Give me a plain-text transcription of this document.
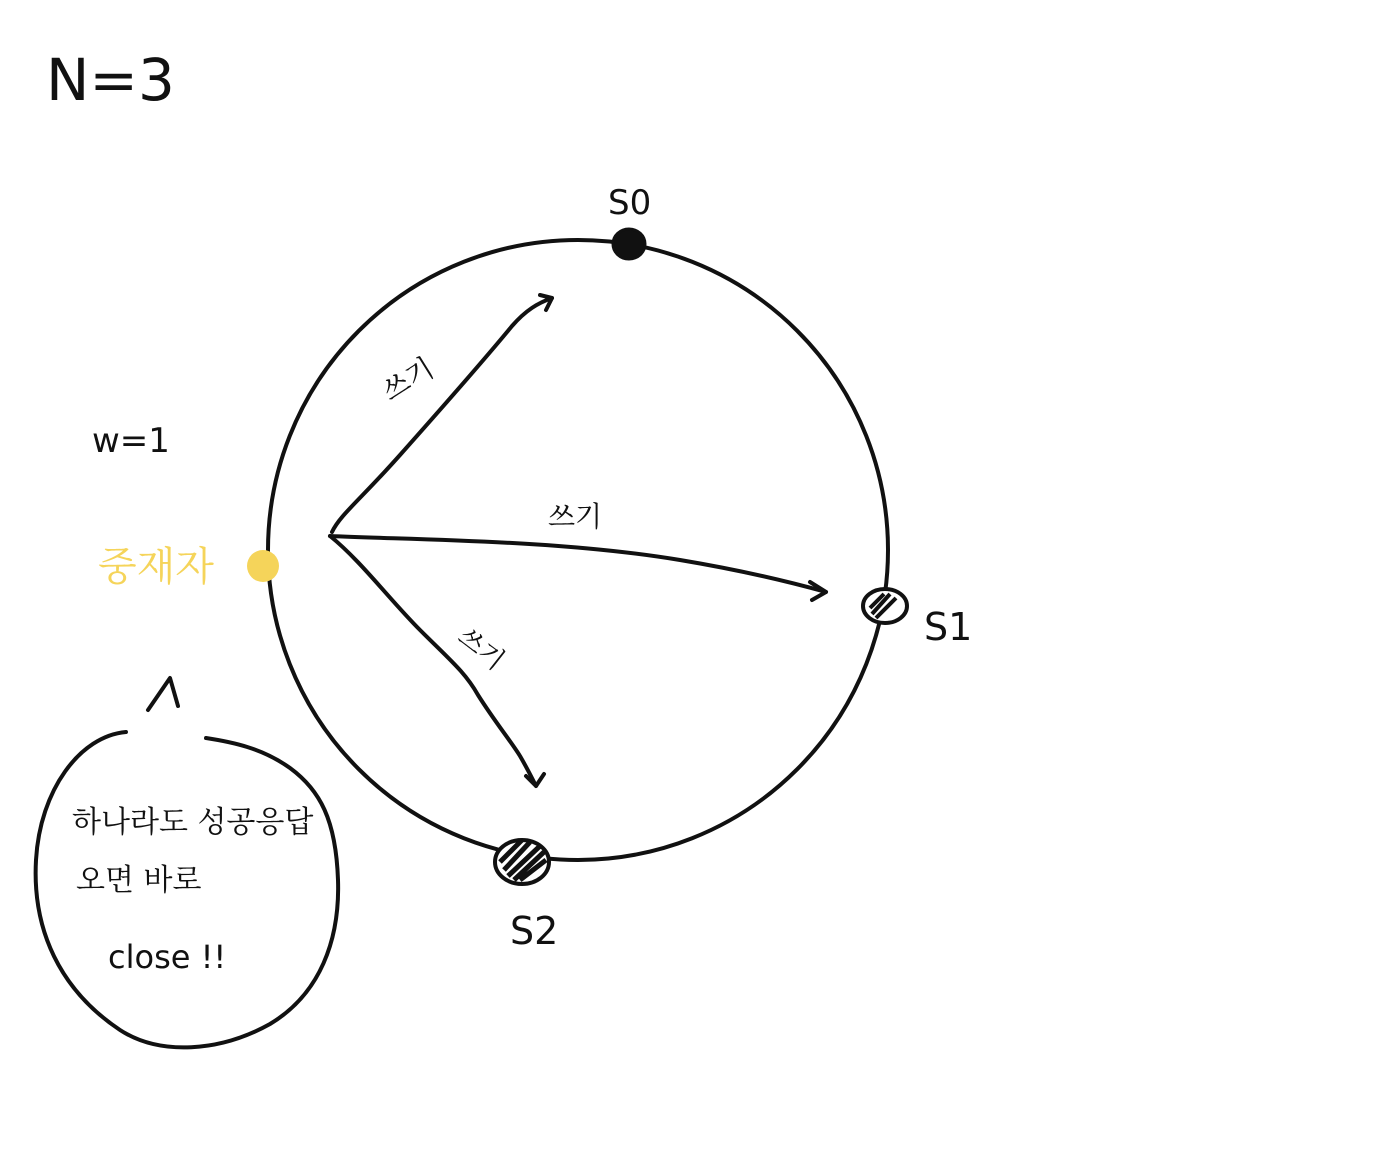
N=3
w=1
S0
S1
S2
중재자
쓰기
쓰기
쓰기
하나라도 성공응답
오면 바로
close !!
